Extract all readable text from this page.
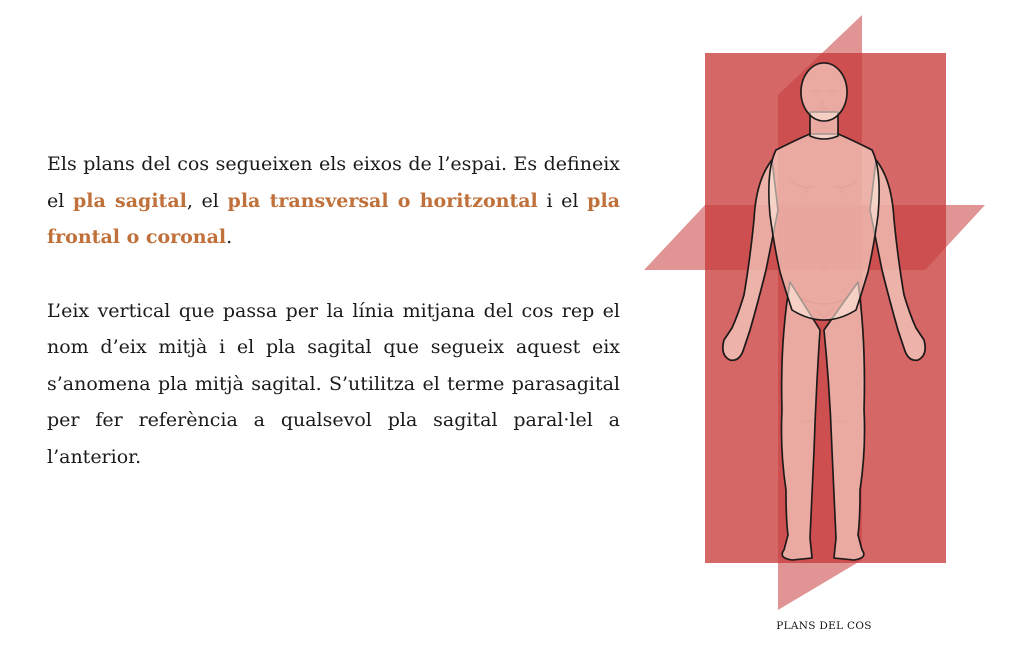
Els plans del cos segueixen els eixos de l’espai. Es defineix el pla sagital, el pla transversal o horitzontal i el pla frontal o coronal.

L’eix vertical que passa per la línia mitjana del cos rep el nom d’eix mitjà i el pla sagital que segueix aquest eix s’anomena pla mitjà sagital. S’utilitza el terme parasagital per fer referència a qualsevol pla sagital paral·lel a l’anterior.

PLANS DEL COS
